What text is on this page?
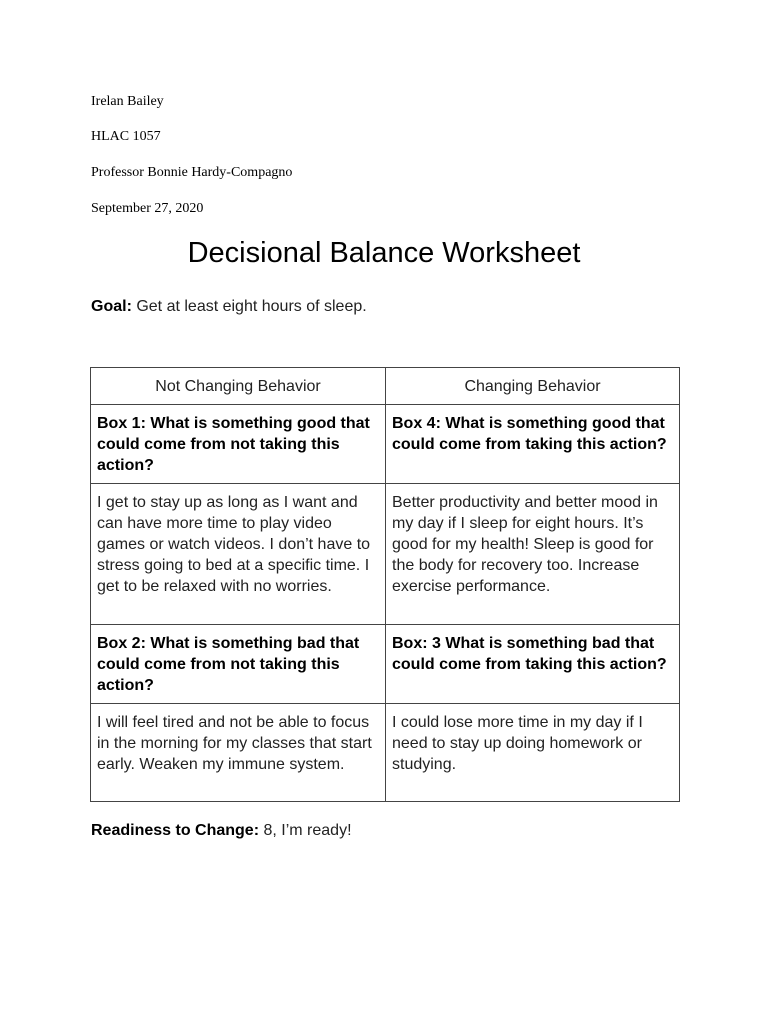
Irelan Bailey
HLAC 1057
Professor Bonnie Hardy-Compagno
September 27, 2020
Decisional Balance Worksheet
Goal: Get at least eight hours of sleep.
Not Changing Behavior	Changing Behavior
Box 1: What is something good that could come from not taking this action?	Box 4: What is something good that could come from taking this action?
I get to stay up as long as I want and can have more time to play video games or watch videos. I don’t have to stress going to bed at a specific time. I get to be relaxed with no worries.	Better productivity and better mood in my day if I sleep for eight hours. It’s good for my health! Sleep is good for the body for recovery too. Increase exercise performance.
Box 2: What is something bad that could come from not taking this action?	Box: 3 What is something bad that could come from taking this action?
I will feel tired and not be able to focus in the morning for my classes that start early. Weaken my immune system.	I could lose more time in my day if I need to stay up doing homework or studying.
Readiness to Change: 8, I’m ready!
